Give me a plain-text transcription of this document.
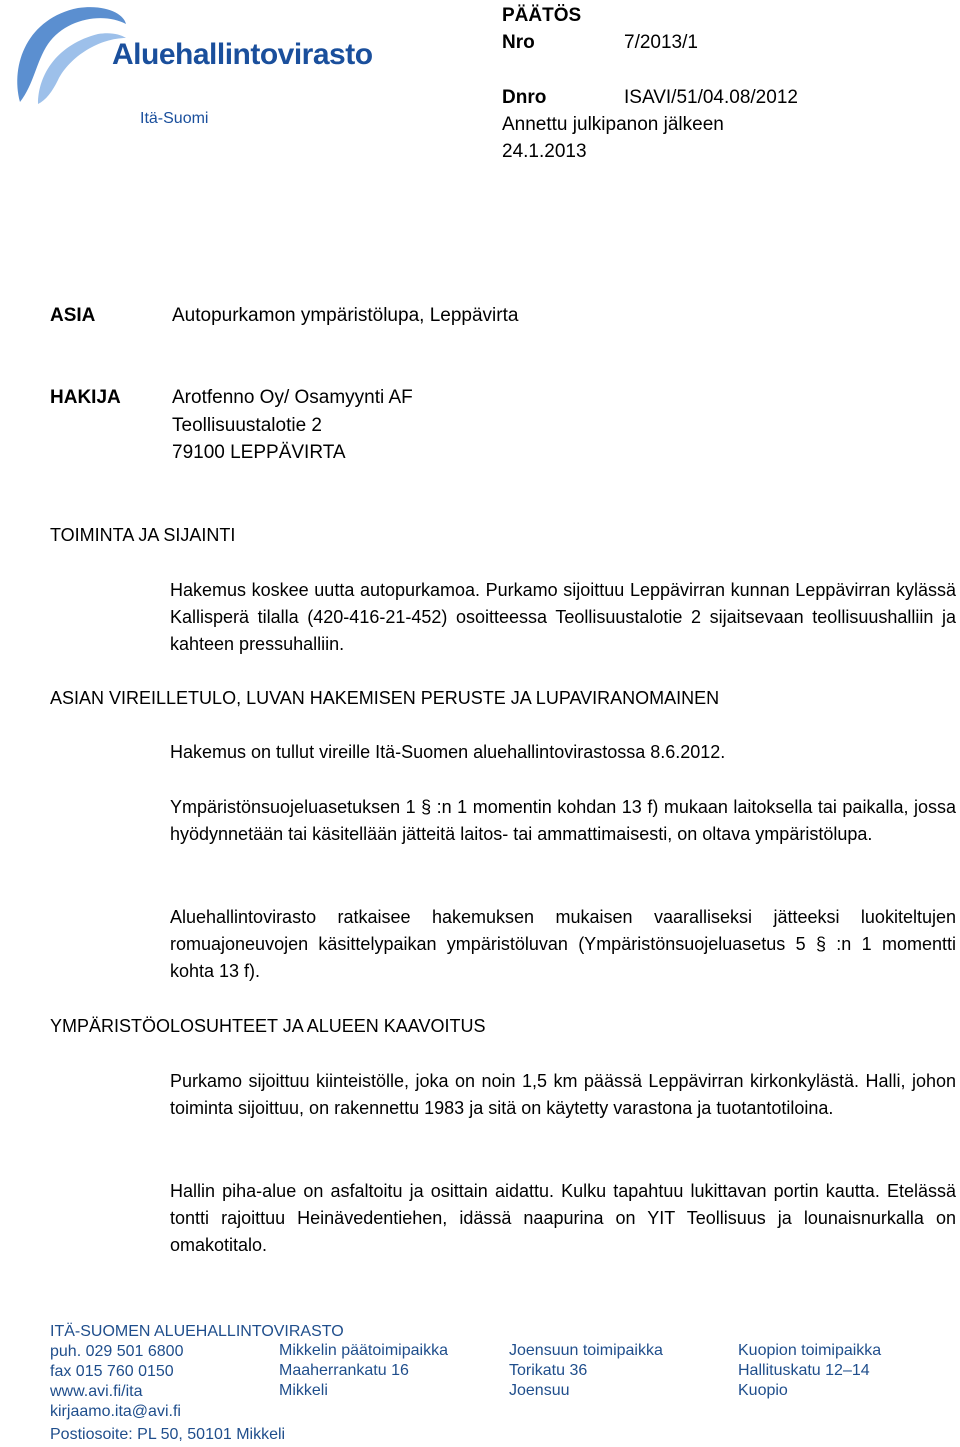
Aluehallintovirasto
Itä-Suomi
PÄÄTÖS
Nro	7/2013/1
Dnro	ISAVI/51/04.08/2012
Annettu julkipanon jälkeen
24.1.2013
ASIA	Autopurkamon ympäristölupa, Leppävirta
HAKIJA	Arotfenno Oy/ Osamyynti AF
Teollisuustalotie 2
79100 LEPPÄVIRTA
TOIMINTA JA SIJAINTI
Hakemus koskee uutta autopurkamoa. Purkamo sijoittuu Leppävirran kunnan Leppävirran kylässä Kallisperä tilalla (420-416-21-452) osoitteessa Teollisuustalotie 2 sijaitsevaan teollisuushalliin ja kahteen pressuhalliin.
ASIAN VIREILLETULO, LUVAN HAKEMISEN PERUSTE JA LUPAVIRANOMAINEN
Hakemus on tullut vireille Itä-Suomen aluehallintovirastossa 8.6.2012.
Ympäristönsuojeluasetuksen 1 § :n 1 momentin kohdan 13 f) mukaan laitoksella tai paikalla, jossa hyödynnetään tai käsitellään jätteitä laitos- tai ammattimaisesti, on oltava ympäristölupa.
Aluehallintovirasto ratkaisee hakemuksen mukaisen vaaralliseksi jätteeksi luokiteltujen romuajoneuvojen käsittelypaikan ympäristöluvan (Ympäristönsuojeluasetus 5 § :n 1 momentti kohta 13 f).
YMPÄRISTÖOLOSUHTEET JA ALUEEN KAAVOITUS
Purkamo sijoittuu kiinteistölle, joka on noin 1,5 km päässä Leppävirran kirkonkylästä. Halli, johon toiminta sijoittuu, on rakennettu 1983 ja sitä on käytetty varastona ja tuotantotiloina.
Hallin piha-alue on asfaltoitu ja osittain aidattu. Kulku tapahtuu lukittavan portin kautta. Etelässä tontti rajoittuu Heinävedentiehen, idässä naapurina on YIT Teollisuus ja lounaisnurkalla on omakotitalo.
ITÄ-SUOMEN ALUEHALLINTOVIRASTO
puh. 029 501 6800
fax 015 760 0150
www.avi.fi/ita
kirjaamo.ita@avi.fi
Postiosoite: PL 50, 50101 Mikkeli
Mikkelin päätoimipaikka
Maaherrankatu 16
Mikkeli
Joensuun toimipaikka
Torikatu 36
Joensuu
Kuopion toimipaikka
Hallituskatu 12–14
Kuopio
